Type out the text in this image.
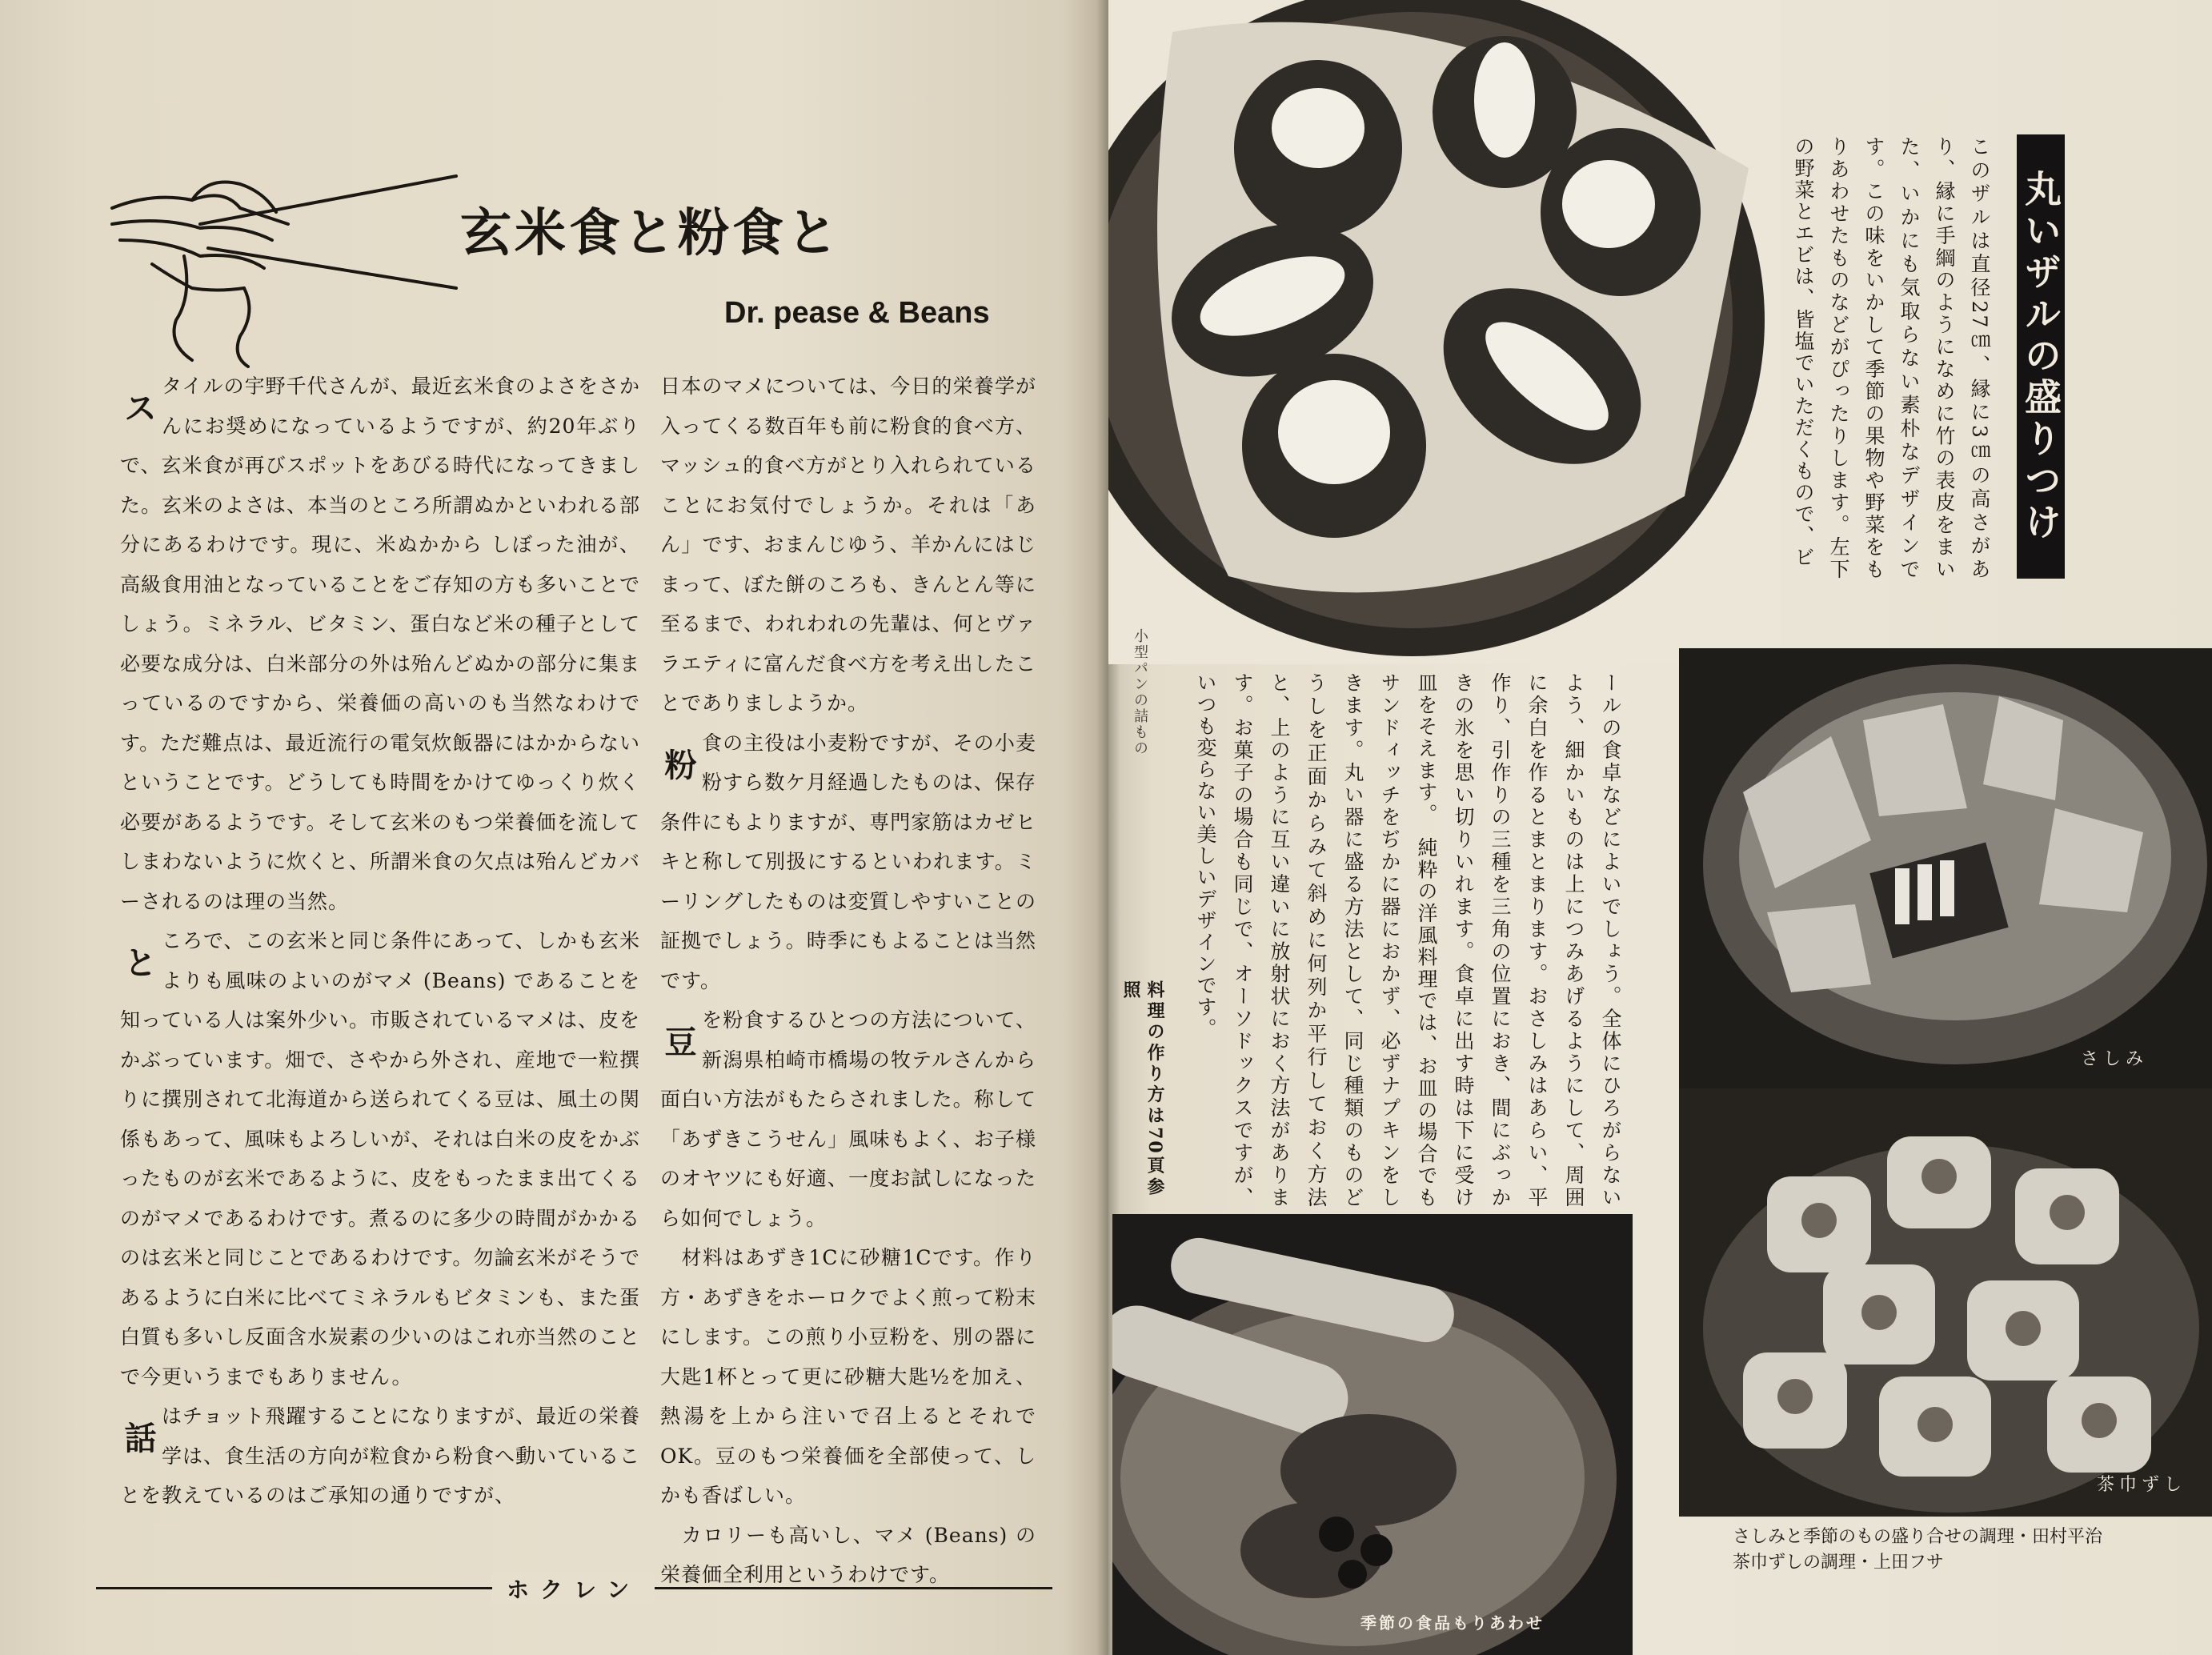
玄米食と粉食と
Dr. pease & Beans

ス
タイルの宇野千代さんが、最近玄米食のよさをさかんにお奨めになっているようですが、約20年ぶりで、玄米食が再びスポットをあびる時代になってきました。玄米のよさは、本当のところ所謂ぬかといわれる部分にあるわけです。現に、米ぬかから しぼった油が、高級食用油となっていることをご存知の方も多いことでしょう。ミネラル、ビタミン、蛋白など米の種子として必要な成分は、白米部分の外は殆んどぬかの部分に集まっているのですから、栄養価の高いのも当然なわけです。ただ難点は、最近流行の電気炊飯器にはかからないということです。どうしても時間をかけてゆっくり炊く必要があるようです。そして玄米のもつ栄養価を流してしまわないように炊くと、所謂米食の欠点は殆んどカバーされるのは理の当然。

と
ころで、この玄米と同じ条件にあって、しかも玄米よりも風味のよいのがマメ (Beans) であることを知っている人は案外少い。市販されているマメは、皮をかぶっています。畑で、さやから外され、産地で一粒撰りに撰別されて北海道から送られてくる豆は、風土の関係もあって、風味もよろしいが、それは白米の皮をかぶったものが玄米であるように、皮をもったまま出てくるのがマメであるわけです。煮るのに多少の時間がかかるのは玄米と同じことであるわけです。勿論玄米がそうであるように白米に比べてミネラルもビタミンも、また蛋白質も多いし反面含水炭素の少いのはこれ亦当然のことで今更いうまでもありません。

話
はチョット飛躍することになりますが、最近の栄養学は、食生活の方向が粒食から粉食へ動いていることを教えているのはご承知の通りですが、

日本のマメについては、今日的栄養学が入ってくる数百年も前に粉食的食べ方、マッシュ的食べ方がとり入れられていることにお気付でしょうか。それは「あん」です、おまんじゆう、羊かんにはじまって、ぼた餅のころも、きんとん等に至るまで、われわれの先輩は、何とヴァラエティに富んだ食べ方を考え出したことでありましようか。

粉
食の主役は小麦粉ですが、その小麦粉すら数ケ月経過したものは、保存条件にもよりますが、専門家筋はカゼヒキと称して別扱にするといわれます。ミーリングしたものは変質しやすいことの証拠でしょう。時季にもよることは当然です。

豆
を粉食するひとつの方法について、新潟県柏崎市橋場の牧テルさんから面白い方法がもたらされました。称して「あずきこうせん」風味もよく、お子様のオヤツにも好適、一度お試しになったら如何でしょう。

　材料はあずき1Cに砂糖1Cです。作り方・あずきをホーロクでよく煎って粉末にします。この煎り小豆粉を、別の器に大匙1杯とって更に砂糖大匙½を加え、熱湯を上から注いで召上るとそれでOK。豆のもつ栄養価を全部使って、しかも香ばしい。

　カロリーも高いし、マメ (Beans) の栄養価全利用というわけです。

ホクレン
丸いザルの盛りつけ
このザルは直径27㎝、縁に3㎝の高さがあり、縁に手綱のようになめに竹の表皮をまいた、いかにも気取らない素朴なデザインです。この味をいかして季節の果物や野菜をもりあわせたものなどがぴったりします。左下の野菜とエビは、皆塩でいただくもので、ビ
小型パンの詰もの	ールの食卓などによいでしょう。全体にひろがらないよう、細かいものは上につみあげるようにして、周囲に余白を作るとまとまります。おさしみはあらい、平作り、引作りの三種を三角の位置におき、間にぶっかきの氷を思い切りいれます。食卓に出す時は下に受け皿をそえます。　純粋の洋風料理では、お皿の場合でもサンドィッチをぢかに器におかず、必ずナプキンをしきます。丸い器に盛る方法として、同じ種類のものどうしを正面からみて斜めに何列か平行しておく方法と、上のように互い違いに放射状におく方法があります。お菓子の場合も同じで、オーソドックスですが、いつも変らない美しいデザインです。
料理の作り方は70頁参照
さしみ
茶巾ずし
季節の食品もりあわせ
さしみと季節のもの盛り合せの調理・田村平治
茶巾ずしの調理・上田フサ
